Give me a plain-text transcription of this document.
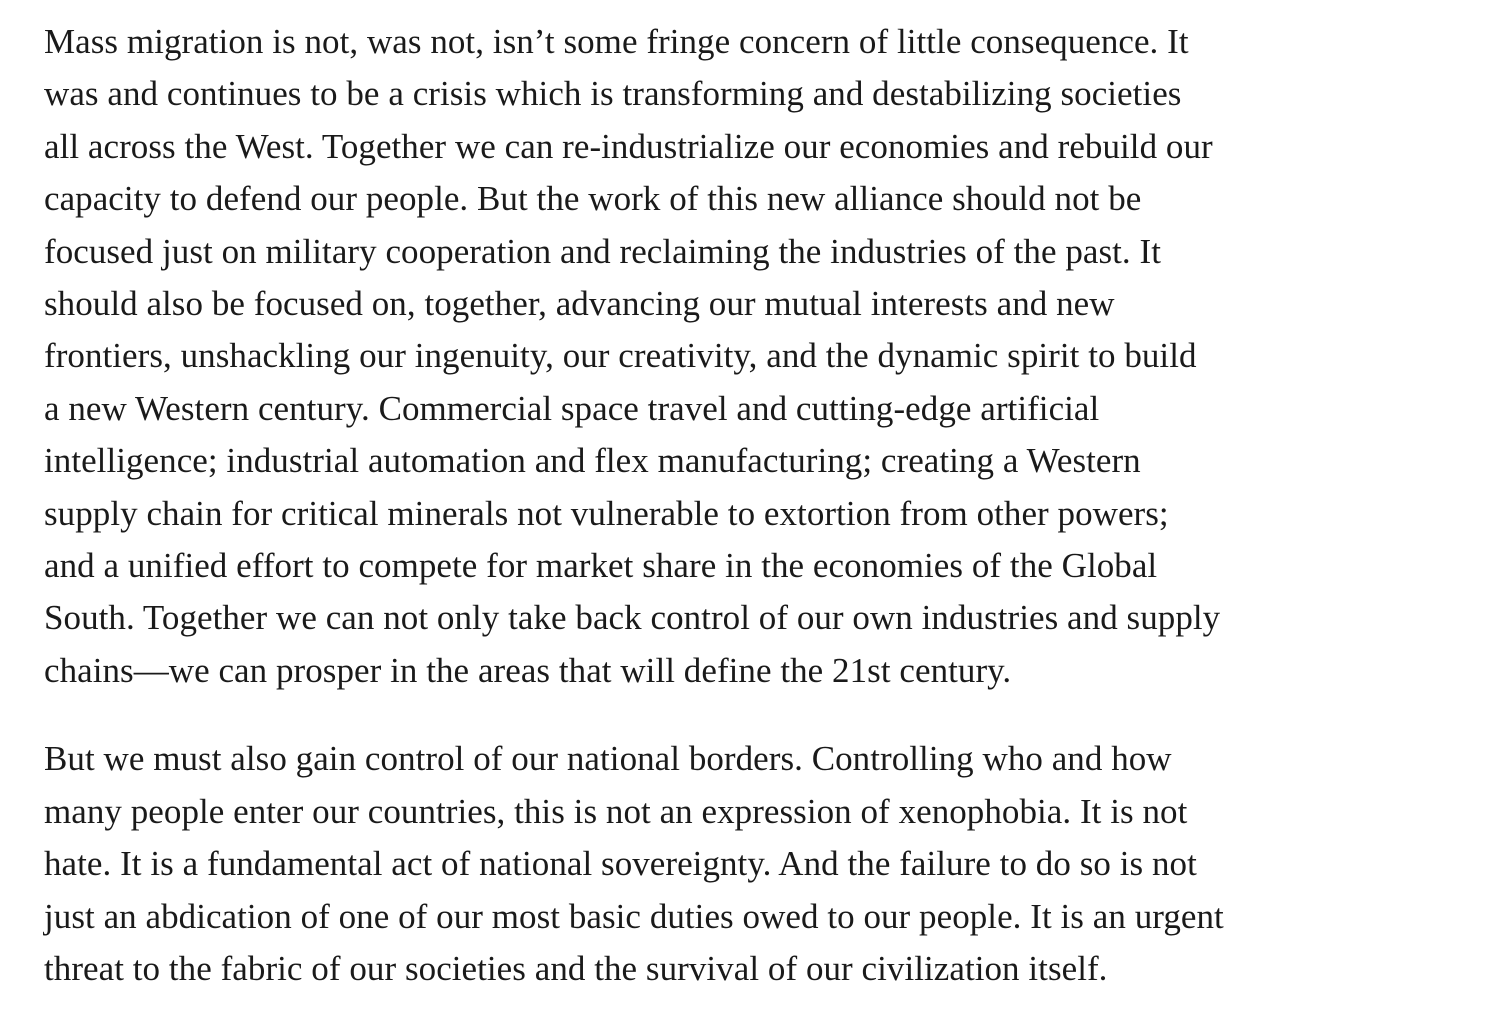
Mass migration is not, was not, isn’t some fringe concern of little consequence. It
was and continues to be a crisis which is transforming and destabilizing societies
all across the West. Together we can re-industrialize our economies and rebuild our
capacity to defend our people. But the work of this new alliance should not be
focused just on military cooperation and reclaiming the industries of the past. It
should also be focused on, together, advancing our mutual interests and new
frontiers, unshackling our ingenuity, our creativity, and the dynamic spirit to build
a new Western century. Commercial space travel and cutting-edge artificial
intelligence; industrial automation and flex manufacturing; creating a Western
supply chain for critical minerals not vulnerable to extortion from other powers;
and a unified effort to compete for market share in the economies of the Global
South. Together we can not only take back control of our own industries and supply
chains—we can prosper in the areas that will define the 21st century.

But we must also gain control of our national borders. Controlling who and how
many people enter our countries, this is not an expression of xenophobia. It is not
hate. It is a fundamental act of national sovereignty. And the failure to do so is not
just an abdication of one of our most basic duties owed to our people. It is an urgent
threat to the fabric of our societies and the survival of our civilization itself.
